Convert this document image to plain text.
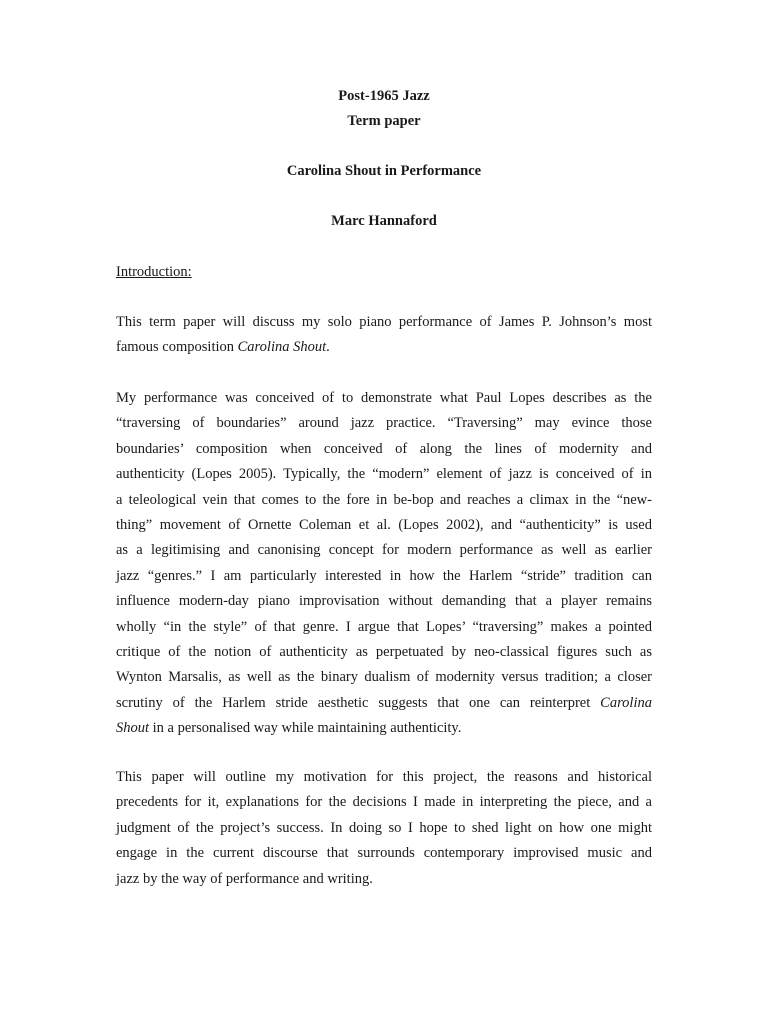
Post-1965 Jazz

Term paper

Carolina Shout in Performance

Marc Hannaford

Introduction:

This term paper will discuss my solo piano performance of James P. Johnson’s most
famous composition Carolina Shout.
My performance was conceived of to demonstrate what Paul Lopes describes as the
“traversing of boundaries” around jazz practice. “Traversing” may evince those
boundaries’ composition when conceived of along the lines of modernity and
authenticity (Lopes 2005). Typically, the “modern” element of jazz is conceived of in
a teleological vein that comes to the fore in be-bop and reaches a climax in the “new-
thing” movement of Ornette Coleman et al. (Lopes 2002), and “authenticity” is used
as a legitimising and canonising concept for modern performance as well as earlier
jazz “genres.” I am particularly interested in how the Harlem “stride” tradition can
influence modern-day piano improvisation without demanding that a player remains
wholly “in the style” of that genre. I argue that Lopes’ “traversing” makes a pointed
critique of the notion of authenticity as perpetuated by neo-classical figures such as
Wynton Marsalis, as well as the binary dualism of modernity versus tradition; a closer
scrutiny of the Harlem stride aesthetic suggests that one can reinterpret Carolina
Shout in a personalised way while maintaining authenticity.
This paper will outline my motivation for this project, the reasons and historical
precedents for it, explanations for the decisions I made in interpreting the piece, and a
judgment of the project’s success. In doing so I hope to shed light on how one might
engage in the current discourse that surrounds contemporary improvised music and
jazz by the way of performance and writing.
